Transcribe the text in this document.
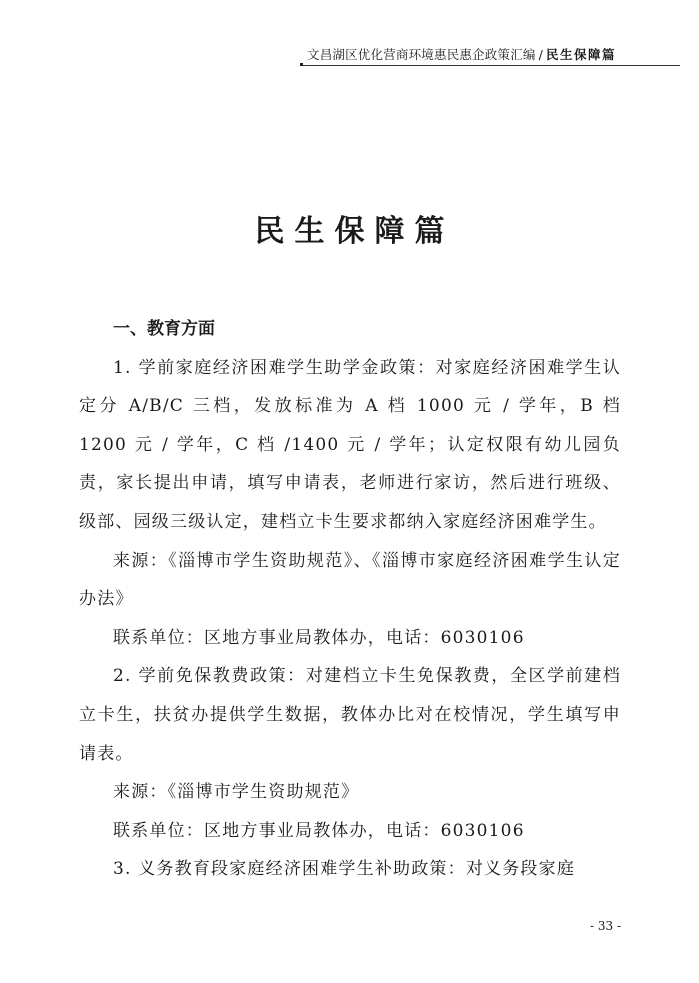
文昌湖区优化营商环境惠民惠企政策汇编 / 民生保障篇
民生保障篇

一、教育方面

1. 学前家庭经济困难学生助学金政策：对家庭经济困难学生认定分 A/B/C 三档，发放标准为 A 档 1000 元 / 学年，B 档 1200 元 / 学年，C 档 /1400 元 / 学年；认定权限有幼儿园负责，家长提出申请，填写申请表，老师进行家访，然后进行班级、级部、园级三级认定，建档立卡生要求都纳入家庭经济困难学生。

来源：《淄博市学生资助规范》、《淄博市家庭经济困难学生认定办法》

联系单位：区地方事业局教体办，电话：6030106

2. 学前免保教费政策：对建档立卡生免保教费，全区学前建档立卡生，扶贫办提供学生数据，教体办比对在校情况，学生填写申请表。

来源：《淄博市学生资助规范》

联系单位：区地方事业局教体办，电话：6030106

3. 义务教育段家庭经济困难学生补助政策：对义务段家庭

- 33 -
